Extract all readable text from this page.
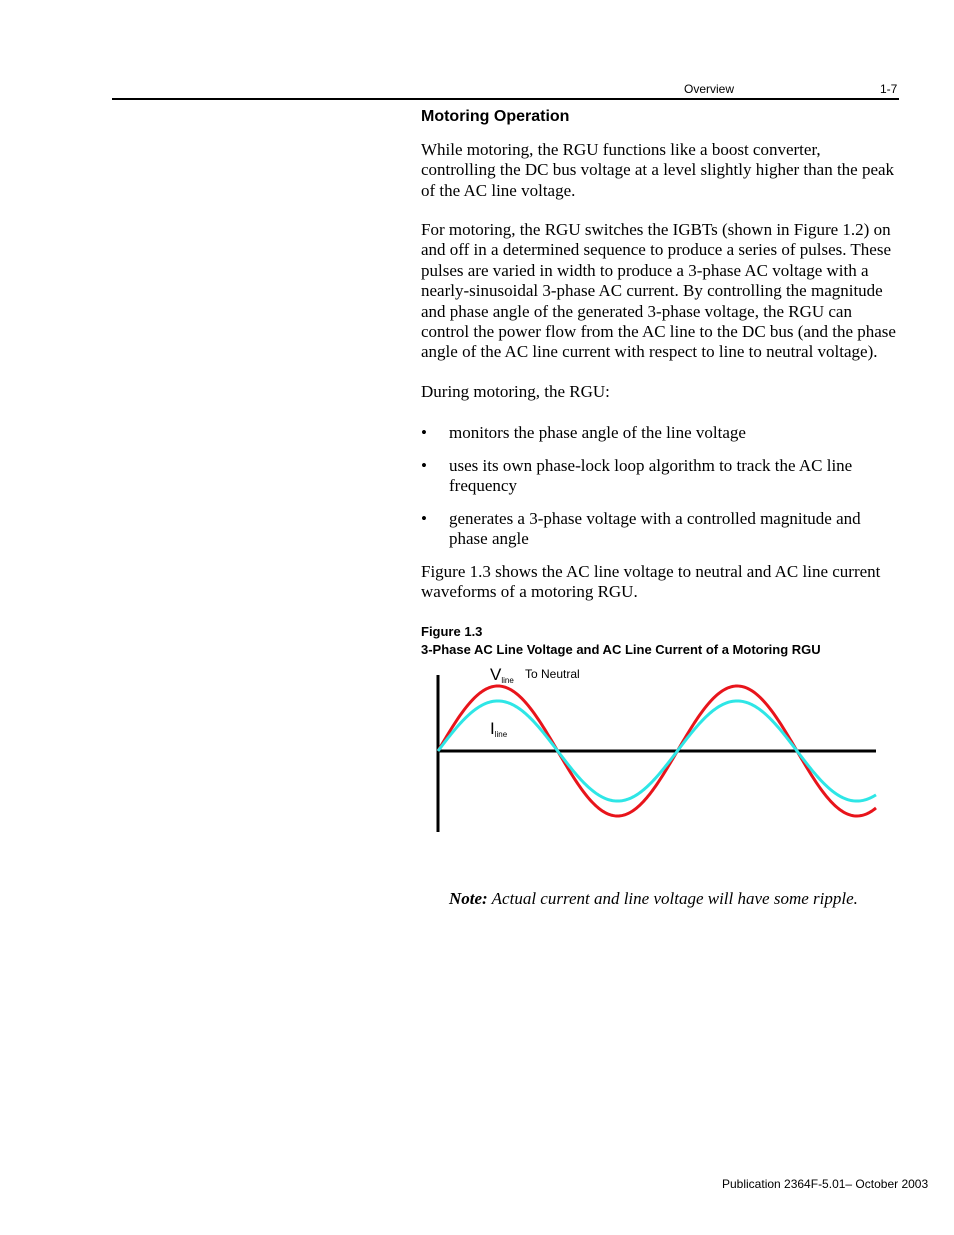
Overview	1-7
Motoring Operation

While motoring, the RGU functions like a boost converter, controlling the DC bus voltage at a level slightly higher than the peak of the AC line voltage.

For motoring, the RGU switches the IGBTs (shown in Figure 1.2) on and off in a determined sequence to produce a series of pulses. These pulses are varied in width to produce a 3-phase AC voltage with a nearly-sinusoidal 3-phase AC current. By controlling the magnitude and phase angle of the generated 3-phase voltage, the RGU can control the power flow from the AC line to the DC bus (and the phase angle of the AC line current with respect to line to neutral voltage).

During motoring, the RGU:

• monitors the phase angle of the line voltage
• uses its own phase-lock loop algorithm to track the AC line frequency
• generates a 3-phase voltage with a controlled magnitude and phase angle

Figure 1.3 shows the AC line voltage to neutral and AC line current waveforms of a motoring RGU.

Figure 1.3
3-Phase AC Line Voltage and AC Line Current of a Motoring RGU
Vline To Neutral
Iline
Note: Actual current and line voltage will have some ripple.
Publication 2364F-5.01– October 2003
